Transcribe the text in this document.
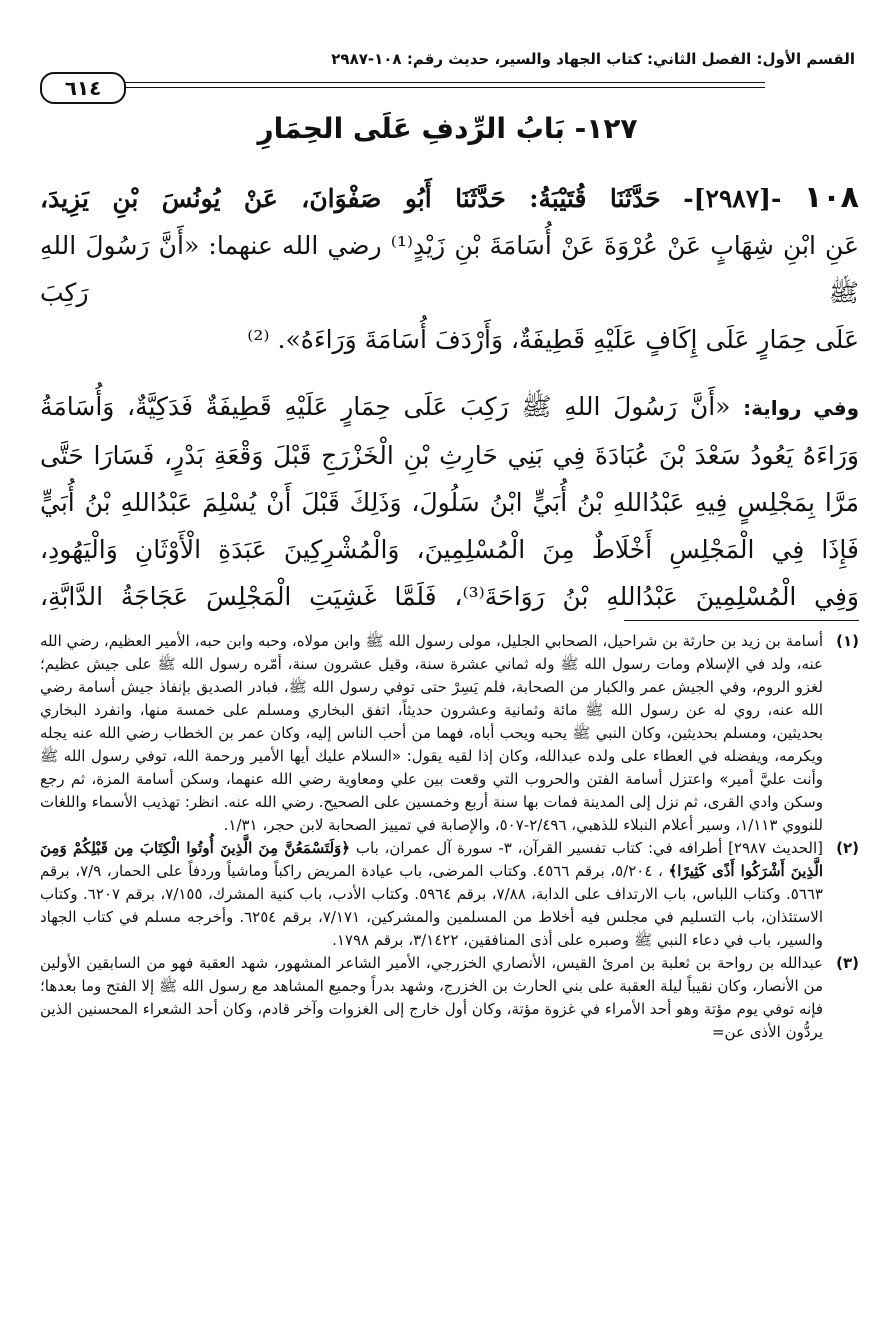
القسم الأول: الفصل الثاني: كتاب الجهاد والسير، حديث رقم: ١٠٨-٢٩٨٧
٦١٤
١٢٧- بَابُ الرِّدفِ عَلَى الحِمَارِ

١٠٨ -[٢٩٨٧]- حَدَّثَنَا قُتَيْبَةُ: حَدَّثَنَا أَبُو صَفْوَانَ، عَنْ يُونُسَ بْنِ يَزِيدَ،

عَنِ ابْنِ شِهَابٍ عَنْ عُرْوَةَ عَنْ أُسَامَةَ بْنِ زَيْدٍ⁽¹⁾ رضي الله عنهما: «أَنَّ رَسُولَ اللهِ ﷺ رَكِبَ

عَلَى حِمَارٍ عَلَى إِكَافٍ عَلَيْهِ قَطِيفَةٌ، وَأَرْدَفَ أُسَامَةَ وَرَاءَهُ». ⁽²⁾

وفي رواية: «أَنَّ رَسُولَ اللهِ ﷺ رَكِبَ عَلَى حِمَارٍ عَلَيْهِ قَطِيفَةٌ فَدَكِيَّةٌ، وَأُسَامَةُ

وَرَاءَهُ يَعُودُ سَعْدَ بْنَ عُبَادَةَ فِي بَنِي حَارِثِ بْنِ الْخَزْرَجِ قَبْلَ وَقْعَةِ بَدْرٍ، فَسَارَا حَتَّى

مَرَّا بِمَجْلِسٍ فِيهِ عَبْدُاللهِ بْنُ أُبَيٍّ ابْنُ سَلُولَ، وَذَلِكَ قَبْلَ أَنْ يُسْلِمَ عَبْدُاللهِ بْنُ أُبَيٍّ

فَإِذَا فِي الْمَجْلِسِ أَخْلَاطٌ مِنَ الْمُسْلِمِينَ، وَالْمُشْرِكِينَ عَبَدَةِ الْأَوْثَانِ وَالْيَهُودِ،

وَفِي الْمُسْلِمِينَ عَبْدُاللهِ بْنُ رَوَاحَةَ⁽³⁾، فَلَمَّا غَشِيَتِ الْمَجْلِسَ عَجَاجَةُ الدَّابَّةِ،

(١)
أسامة بن زيد بن حارثة بن شراحيل، الصحابي الجليل، مولى رسول الله ﷺ وابن مولاه، وحبه وابن حبه، الأمير العظيم، رضي الله عنه، ولد في الإسلام ومات رسول الله ﷺ وله ثماني عشرة سنة، وقيل عشرون سنة، أمّره رسول الله ﷺ على جيش عظيم؛ لغزو الروم، وفي الجيش عمر والكبار من الصحابة، فلم يَسِرْ حتى توفي رسول الله ﷺ، فبادر الصديق بإنفاذ جيش أسامة رضي الله عنه، روي له عن رسول الله ﷺ مائة وثمانية وعشرون حديثاً، اتفق البخاري ومسلم على خمسة منها، وانفرد البخاري بحديثين، ومسلم بحديثين، وكان النبي ﷺ يحبه ويحب أباه، فهما من أحب الناس إليه، وكان عمر بن الخطاب رضي الله عنه يجله ويكرمه، ويفضله في العطاء على ولده عبدالله، وكان إذا لقيه يقول: «السلام عليك أيها الأمير ورحمة الله، توفي رسول الله ﷺ وأنت عليَّ أمير» واعتزل أسامة الفتن والحروب التي وقعت بين علي ومعاوية رضي الله عنهما، وسكن أسامة المزة، ثم رجع وسكن وادي القرى، ثم نزل إلى المدينة فمات بها سنة أربع وخمسين على الصحيح. رضي الله عنه. انظر: تهذيب الأسماء واللغات للنووي ١/١١٣، وسير أعلام النبلاء للذهبي، ٢/٤٩٦-٥٠٧، والإصابة في تمييز الصحابة لابن حجر، ١/٣١.
(٢)
[الحديث ٢٩٨٧] أطرافه في: كتاب تفسير القرآن، ٣- سورة آل عمران، باب ﴿وَلَتَسْمَعُنَّ مِنَ الَّذِينَ أُوتُوا الْكِتَابَ مِن قَبْلِكُمْ وَمِنَ الَّذِينَ أَشْرَكُوا أَذًى كَثِيرًا﴾ ، ٥/٢٠٤، برقم ٤٥٦٦. وكتاب المرضى، باب عيادة المريض راكباً وماشياً وردفاً على الحمار، ٧/٩، برقم ٥٦٦٣. وكتاب اللباس، باب الارتداف على الدابة، ٧/٨٨، برقم ٥٩٦٤. وكتاب الأدب، باب كنية المشرك، ٧/١٥٥، برقم ٦٢٠٧. وكتاب الاستئذان، باب التسليم في مجلس فيه أخلاط من المسلمين والمشركين، ٧/١٧١، برقم ٦٢٥٤. وأخرجه مسلم في كتاب الجهاد والسير، باب في دعاء النبي ﷺ وصبره على أذى المنافقين، ٣/١٤٢٢، برقم ١٧٩٨.
(٣)
عبدالله بن رواحة بن ثعلبة بن امرئ القيس، الأنصاري الخزرجي، الأمير الشاعر المشهور، شهد العقبة فهو من السابقين الأولين من الأنصار، وكان نقيباً ليلة العقبة على بني الحارث بن الخزرج، وشهد بدراً وجميع المشاهد مع رسول الله ﷺ إلا الفتح وما بعدها؛ فإنه توفي يوم مؤتة وهو أحد الأمراء في غزوة مؤتة، وكان أول خارج إلى الغزوات وآخر قادم، وكان أحد الشعراء المحسنين الذين يردُّون الأذى عن=
